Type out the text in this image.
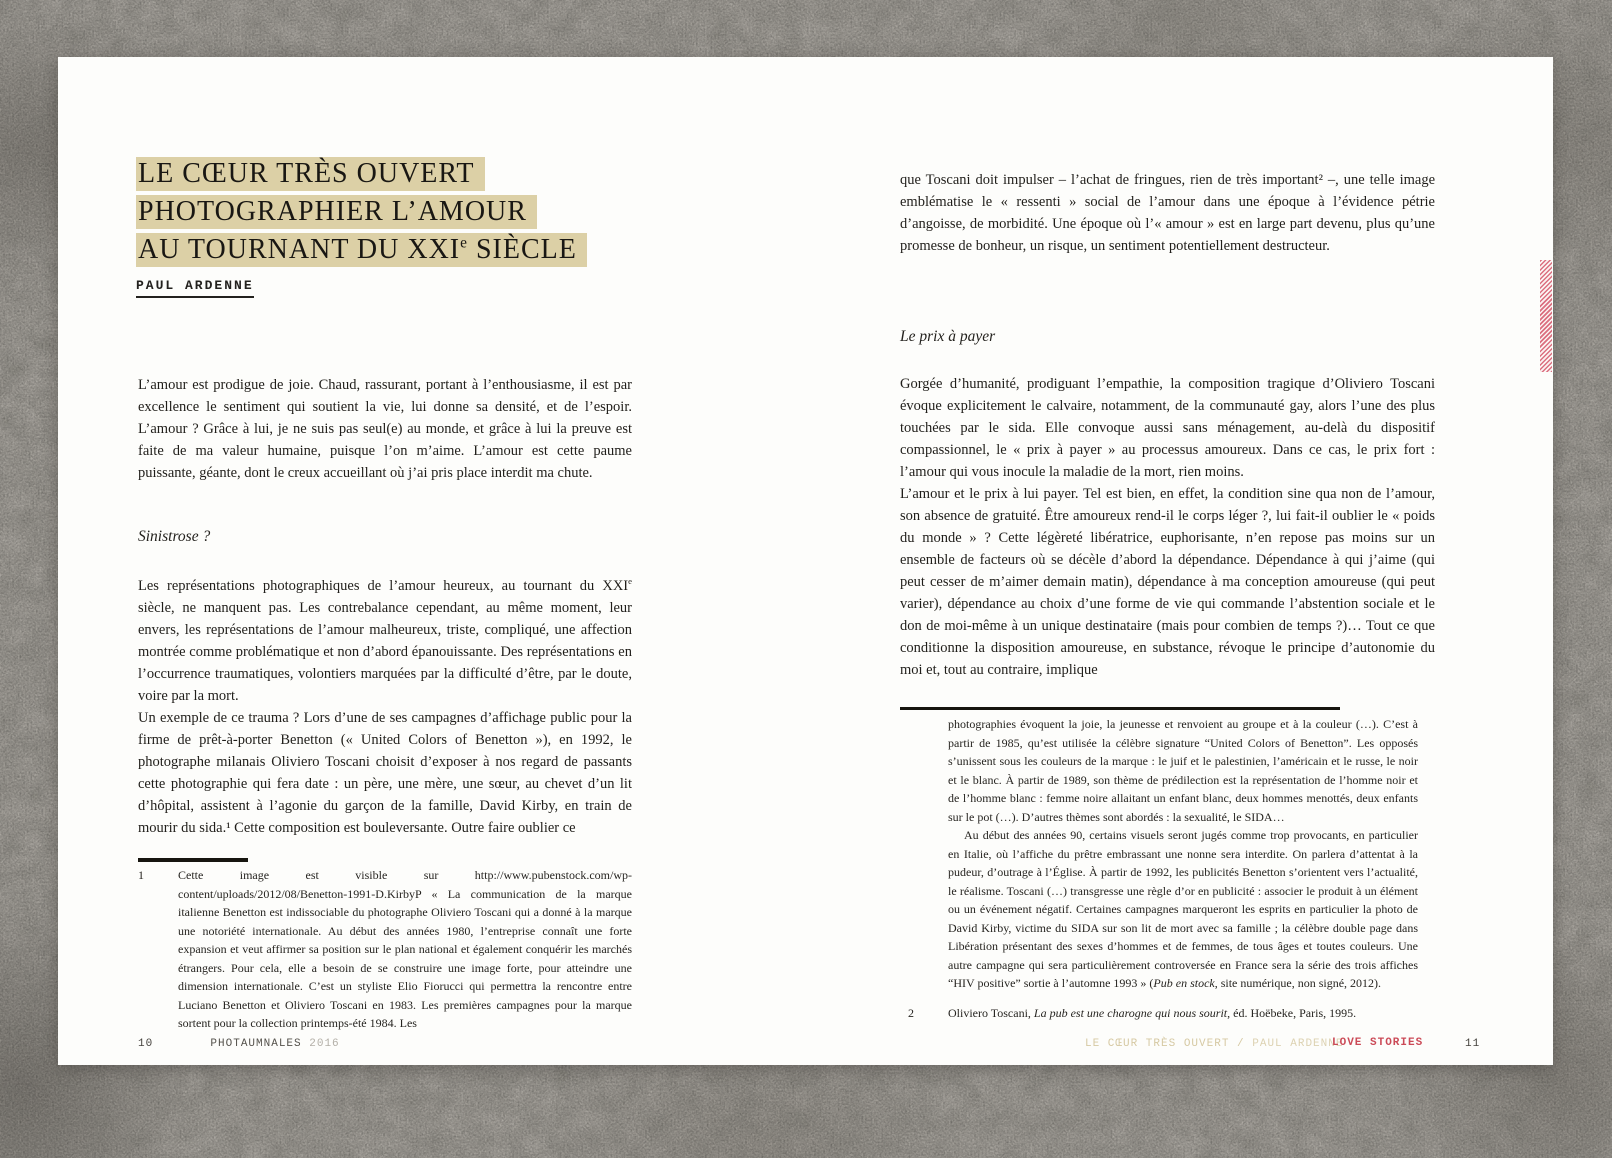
LE CŒUR TRÈS OUVERT
PHOTOGRAPHIER L’AMOUR
AU TOURNANT DU XXIe SIÈCLE
PAUL ARDENNE

L’amour est prodigue de joie. Chaud, rassurant, portant à l’enthousiasme, il est par excellence le sentiment qui soutient la vie, lui donne sa densité, et de l’espoir. L’amour ? Grâce à lui, je ne suis pas seul(e) au monde, et grâce à lui la preuve est faite de ma valeur humaine, puisque l’on m’aime. L’amour est cette paume puissante, géante, dont le creux accueillant où j’ai pris place interdit ma chute.

Sinistrose ?

Les représentations photographiques de l’amour heureux, au tournant du XXIe siècle, ne manquent pas. Les contrebalance cependant, au même moment, leur envers, les représentations de l’amour malheureux, triste, compliqué, une affection montrée comme problématique et non d’abord épanouissante. Des représentations en l’occurrence traumatiques, volontiers marquées par la difficulté d’être, par le doute, voire par la mort.

Un exemple de ce trauma ? Lors d’une de ses campagnes d’affichage public pour la firme de prêt-à-porter Benetton (« United Colors of Benetton »), en 1992, le photographe milanais Oliviero Toscani choisit d’exposer à nos regard de passants cette photographie qui fera date : un père, une mère, une sœur, au chevet d’un lit d’hôpital, assistent à l’agonie du garçon de la famille, David Kirby, en train de mourir du sida.¹ Cette composition est bouleversante. Outre faire oublier ce

1	Cette image est visible sur http://www.pubenstock.com/wp-content/uploads/2012/08/Benetton-1991-D.KirbyP « La communication de la marque italienne Benetton est indissociable du photographe Oliviero Toscani qui a donné à la marque une notoriété internationale. Au début des années 1980, l’entreprise connaît une forte expansion et veut affirmer sa position sur le plan national et également conquérir les marchés étrangers. Pour cela, elle a besoin de se construire une image forte, pour atteindre une dimension internationale. C’est un styliste Elio Fiorucci qui permettra la rencontre entre Luciano Benetton et Oliviero Toscani en 1983. Les premières campagnes pour la marque sortent pour la collection printemps-été 1984. Les
10	PHOTAUMNALES 2016

que Toscani doit impulser – l’achat de fringues, rien de très important² –, une telle image emblématise le « ressenti » social de l’amour dans une époque à l’évidence pétrie d’angoisse, de morbidité. Une époque où l’« amour » est en large part devenu, plus qu’une promesse de bonheur, un risque, un sentiment potentiellement destructeur.

Le prix à payer

Gorgée d’humanité, prodiguant l’empathie, la composition tragique d’Oliviero Toscani évoque explicitement le calvaire, notamment, de la communauté gay, alors l’une des plus touchées par le sida. Elle convoque aussi sans ménagement, au-delà du dispositif compassionnel, le « prix à payer » au processus amoureux. Dans ce cas, le prix fort : l’amour qui vous inocule la maladie de la mort, rien moins.

L’amour et le prix à lui payer. Tel est bien, en effet, la condition sine qua non de l’amour, son absence de gratuité. Être amoureux rend-il le corps léger ?, lui fait-il oublier le « poids du monde » ? Cette légèreté libératrice, euphorisante, n’en repose pas moins sur un ensemble de facteurs où se décèle d’abord la dépendance. Dépendance à qui j’aime (qui peut cesser de m’aimer demain matin), dépendance à ma conception amoureuse (qui peut varier), dépendance au choix d’une forme de vie qui commande l’abstention sociale et le don de moi-même à un unique destinataire (mais pour combien de temps ?)… Tout ce que conditionne la disposition amoureuse, en substance, révoque le principe d’autonomie du moi et, tout au contraire, implique

photographies évoquent la joie, la jeunesse et renvoient au groupe et à la couleur (…). C’est à partir de 1985, qu’est utilisée la célèbre signature “United Colors of Benetton”. Les opposés s’unissent sous les couleurs de la marque : le juif et le palestinien, l’américain et le russe, le noir et le blanc. À partir de 1989, son thème de prédilection est la représentation de l’homme noir et de l’homme blanc : femme noire allaitant un enfant blanc, deux hommes menottés, deux enfants sur le pot (…). D’autres thèmes sont abordés : la sexualité, le SIDA…

Au début des années 90, certains visuels seront jugés comme trop provocants, en particulier en Italie, où l’affiche du prêtre embrassant une nonne sera interdite. On parlera d’attentat à la pudeur, d’outrage à l’Église. À partir de 1992, les publicités Benetton s’orientent vers l’actualité, le réalisme. Toscani (…) transgresse une règle d’or en publicité : associer le produit à un élément ou un événement négatif. Certaines campagnes marqueront les esprits en particulier la photo de David Kirby, victime du SIDA sur son lit de mort avec sa famille ; la célèbre double page dans Libération présentant des sexes d’hommes et de femmes, de tous âges et toutes couleurs. Une autre campagne qui sera particulièrement controversée en France sera la série des trois affiches “HIV positive” sortie à l’automne 1993 » (Pub en stock, site numérique, non signé, 2012).

2	Oliviero Toscani, La pub est une charogne qui nous sourit, éd. Hoëbeke, Paris, 1995.
LE CŒUR TRÈS OUVERT / PAUL ARDENNE
LOVE STORIES	11
